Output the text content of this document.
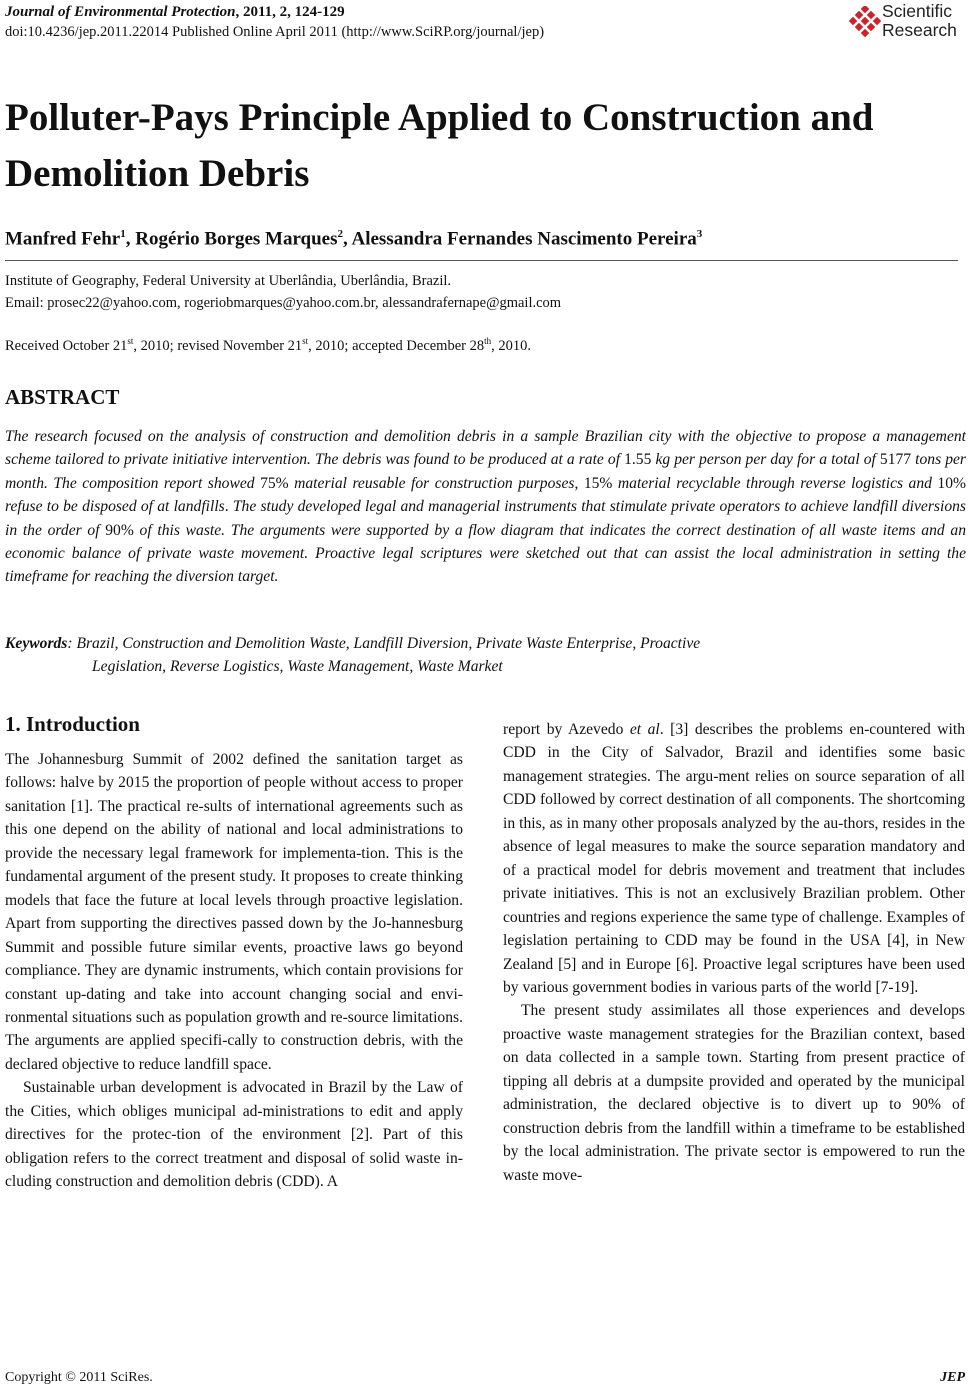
Journal of Environmental Protection, 2011, 2, 124-129
doi:10.4236/jep.2011.22014 Published Online April 2011 (http://www.SciRP.org/journal/jep)
Scientific
Research
Polluter-Pays Principle Applied to Construction and Demolition Debris
Manfred Fehr$^1$, Rogério Borges Marques$^2$, Alessandra Fernandes Nascimento Pereira$^3$
Institute of Geography, Federal University at Uberlândia, Uberlândia, Brazil.
Email: prosec22@yahoo.com, rogeriobmarques@yahoo.com.br, alessandrafernape@gmail.com
Received October 21st, 2010; revised November 21st, 2010; accepted December 28th, 2010.
ABSTRACT
The research focused on the analysis of construction and demolition debris in a sample Brazilian city with the objective to propose a management scheme tailored to private initiative intervention. The debris was found to be produced at a rate of 1.55 kg per person per day for a total of 5177 tons per month. The composition report showed 75% material reusable for construction purposes, 15% material recyclable through reverse logistics and 10% refuse to be disposed of at landfills. The study developed legal and managerial instruments that stimulate private operators to achieve landfill diversions in the order of 90% of this waste. The arguments were supported by a flow diagram that indicates the correct destination of all waste items and an economic balance of private waste movement. Proactive legal scriptures were sketched out that can assist the local administration in setting the timeframe for reaching the diversion target.
Keywords: Brazil, Construction and Demolition Waste, Landfill Diversion, Private Waste Enterprise, Proactive
Legislation, Reverse Logistics, Waste Management, Waste Market
1. Introduction

The Johannesburg Summit of 2002 defined the sanitation target as follows: halve by 2015 the proportion of people without access to proper sanitation [1]. The practical re-sults of international agreements such as this one depend on the ability of national and local administrations to provide the necessary legal framework for implementa-tion. This is the fundamental argument of the present study. It proposes to create thinking models that face the future at local levels through proactive legislation. Apart from supporting the directives passed down by the Jo-hannesburg Summit and possible future similar events, proactive laws go beyond compliance. They are dynamic instruments, which contain provisions for constant up-dating and take into account changing social and envi-ronmental situations such as population growth and re-source limitations. The arguments are applied specifi-cally to construction debris, with the declared objective to reduce landfill space.

Sustainable urban development is advocated in Brazil by the Law of the Cities, which obliges municipal ad-ministrations to edit and apply directives for the protec-tion of the environment [2]. Part of this obligation refers to the correct treatment and disposal of solid waste in-cluding construction and demolition debris (CDD). A

report by Azevedo et al. [3] describes the problems en-countered with CDD in the City of Salvador, Brazil and identifies some basic management strategies. The argu-ment relies on source separation of all CDD followed by correct destination of all components. The shortcoming in this, as in many other proposals analyzed by the au-thors, resides in the absence of legal measures to make the source separation mandatory and of a practical model for debris movement and treatment that includes private initiatives. This is not an exclusively Brazilian problem. Other countries and regions experience the same type of challenge. Examples of legislation pertaining to CDD may be found in the USA [4], in New Zealand [5] and in Europe [6]. Proactive legal scriptures have been used by various government bodies in various parts of the world [7-19].

The present study assimilates all those experiences and develops proactive waste management strategies for the Brazilian context, based on data collected in a sample town. Starting from present practice of tipping all debris at a dumpsite provided and operated by the municipal administration, the declared objective is to divert up to 90% of construction debris from the landfill within a timeframe to be established by the local administration. The private sector is empowered to run the waste move-

Copyright © 2011 SciRes.	JEP
